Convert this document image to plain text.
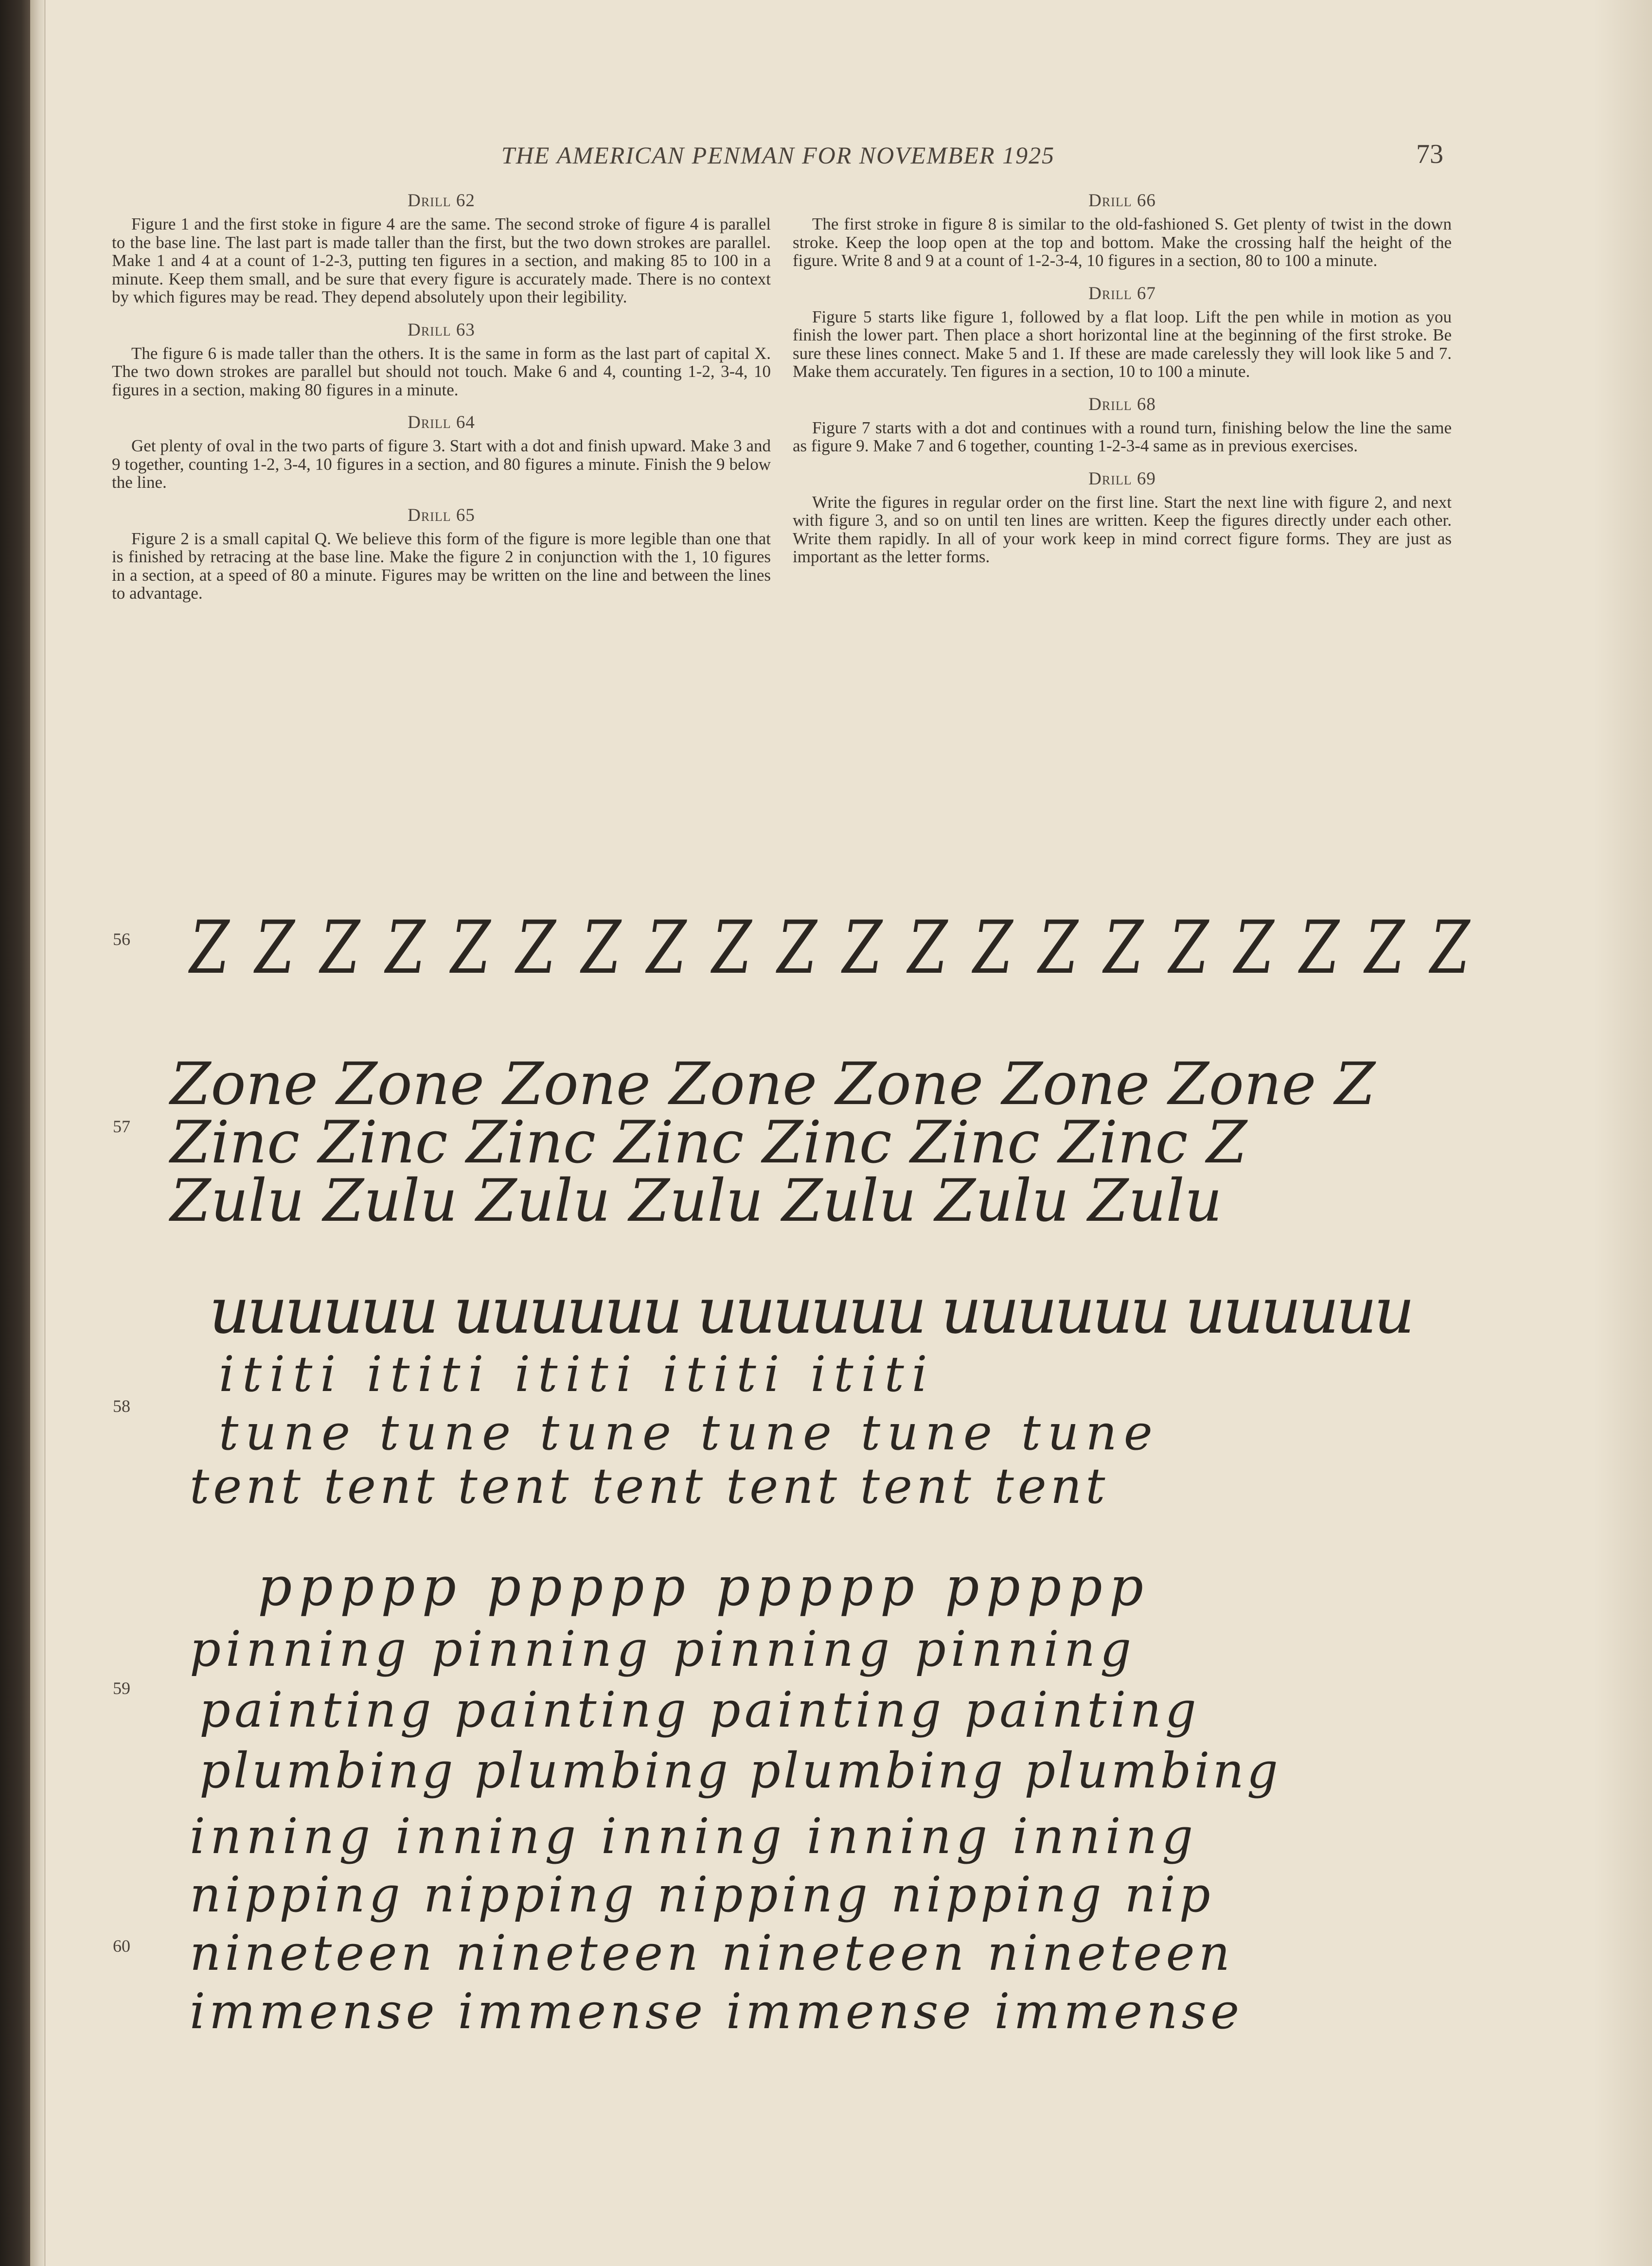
THE AMERICAN PENMAN FOR NOVEMBER 1925	73
Drill 62
Figure 1 and the first stoke in figure 4 are the same. The second stroke of figure 4 is parallel to the base line. The last part is made taller than the first, but the two down strokes are parallel. Make 1 and 4 at a count of 1-2-3, putting ten figures in a section, and making 85 to 100 in a minute. Keep them small, and be sure that every figure is accurately made. There is no context by which figures may be read. They depend absolutely upon their legibility.
Drill 63
The figure 6 is made taller than the others. It is the same in form as the last part of capital X. The two down strokes are parallel but should not touch. Make 6 and 4, counting 1-2, 3-4, 10 figures in a section, making 80 figures in a minute.
Drill 64
Get plenty of oval in the two parts of figure 3. Start with a dot and finish upward. Make 3 and 9 together, counting 1-2, 3-4, 10 figures in a section, and 80 figures a minute. Finish the 9 below the line.
Drill 65
Figure 2 is a small capital Q. We believe this form of the figure is more legible than one that is finished by retracing at the base line. Make the figure 2 in conjunction with the 1, 10 figures in a section, at a speed of 80 a minute. Figures may be written on the line and between the lines to advantage.
Drill 66
The first stroke in figure 8 is similar to the old-fashioned S. Get plenty of twist in the down stroke. Keep the loop open at the top and bottom. Make the crossing half the height of the figure. Write 8 and 9 at a count of 1-2-3-4, 10 figures in a section, 80 to 100 a minute.
Drill 67
Figure 5 starts like figure 1, followed by a flat loop. Lift the pen while in motion as you finish the lower part. Then place a short horizontal line at the beginning of the first stroke. Be sure these lines connect. Make 5 and 1. If these are made carelessly they will look like 5 and 7. Make them accurately. Ten figures in a section, 10 to 100 a minute.
Drill 68
Figure 7 starts with a dot and continues with a round turn, finishing below the line the same as figure 9. Make 7 and 6 together, counting 1-2-3-4 same as in previous exercises.
Drill 69
Write the figures in regular order on the first line. Start the next line with figure 2, and next with figure 3, and so on until ten lines are written. Keep the figures directly under each other. Write them rapidly. In all of your work keep in mind correct figure forms. They are just as important as the letter forms.
56
57
58
59
60
Z Z Z Z Z Z Z Z Z Z Z Z Z Z Z Z Z Z Z Z
Zone Zone Zone Zone Zone Zone Zone Z
Zinc Zinc Zinc Zinc Zinc Zinc Zinc Z
Zulu Zulu Zulu Zulu Zulu Zulu Zulu
uuuuuu uuuuuu uuuuuu uuuuuu uuuuuu
ititi ititi ititi ititi ititi
tune tune tune tune tune tune
tent tent tent tent tent tent tent
ppppp ppppp ppppp ppppp
pinning pinning pinning pinning
painting painting painting painting
plumbing plumbing plumbing plumbing
inning inning inning inning inning
nipping nipping nipping nipping nip
nineteen nineteen nineteen nineteen
immense immense immense immense
